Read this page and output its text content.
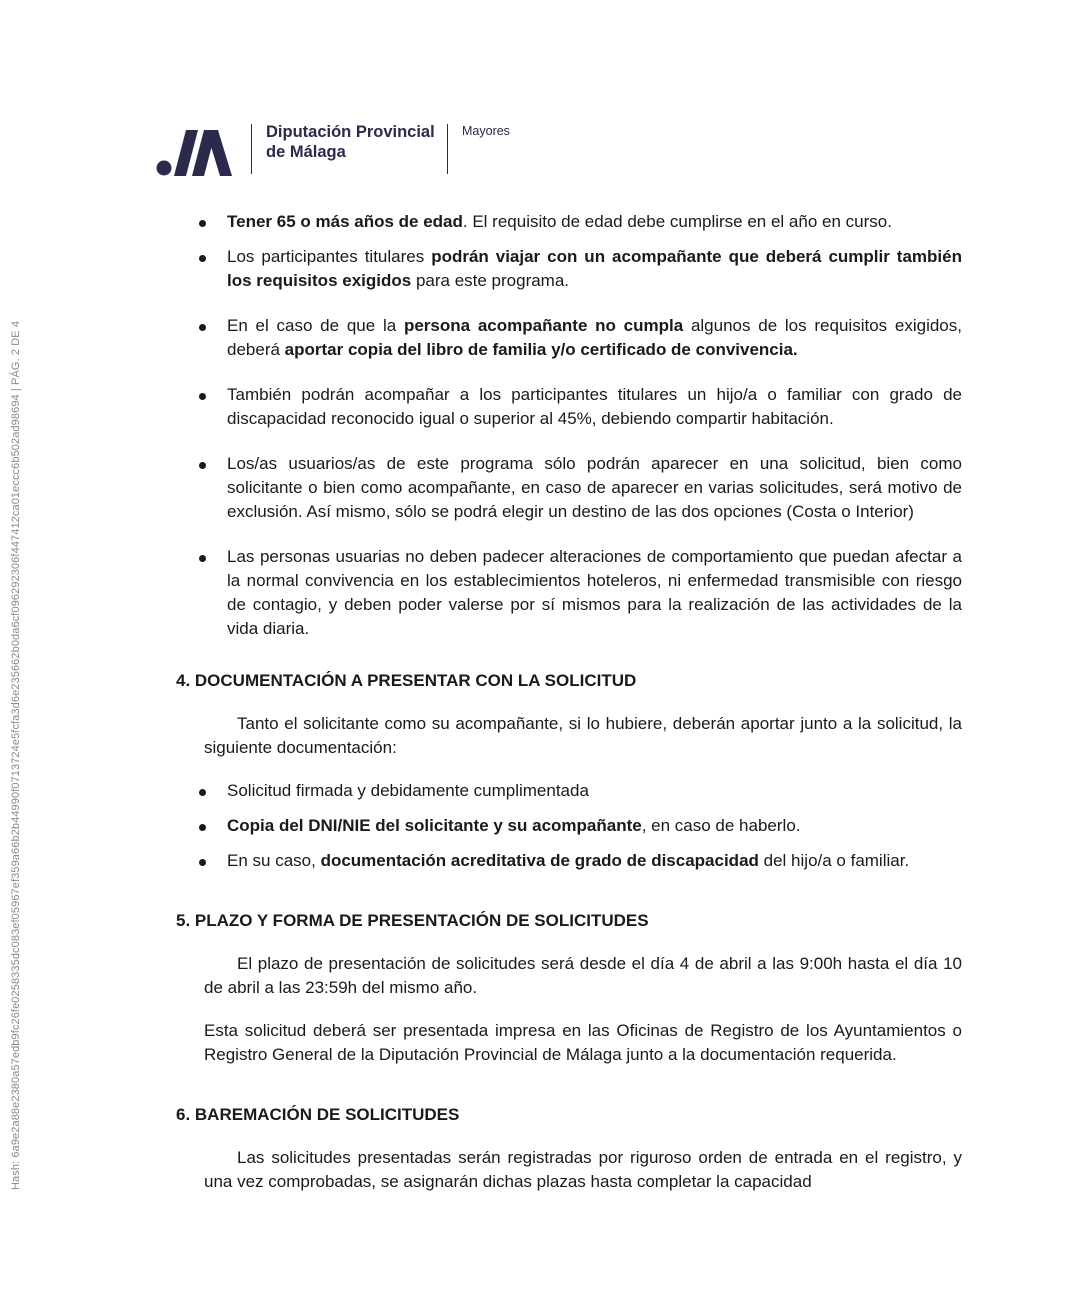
Hash: 6a9e2a88e2380a57edb9fc26fe0258335dc083ef05967ef359a66b2b44990f0713724e5fcfa3d6e235662b0da6cf096292306f447412ca01eccc6b502ad98694 | PÁG. 2 DE 4
Diputación Provincial
de Málaga
Mayores
Tener 65 o más años de edad. El requisito de edad debe cumplirse en el año en curso.
Los participantes titulares podrán viajar con un acompañante que deberá cumplir también los requisitos exigidos para este programa.
En el caso de que la persona acompañante no cumpla algunos de los requisitos exigidos, deberá aportar copia del libro de familia y/o certificado de convivencia.
También podrán acompañar a los participantes titulares un hijo/a o familiar con grado de discapacidad reconocido igual o superior al 45%, debiendo compartir habitación.
Los/as usuarios/as de este programa sólo podrán aparecer en una solicitud, bien como solicitante o bien como acompañante, en caso de aparecer en varias solicitudes, será motivo de exclusión. Así mismo, sólo se podrá elegir un destino de las dos opciones (Costa o Interior)
Las personas usuarias no deben padecer alteraciones de comportamiento que puedan afectar a la normal convivencia en los establecimientos hoteleros, ni enfermedad transmisible con riesgo de contagio, y deben poder valerse por sí mismos para la realización de las actividades de la vida diaria.
4. DOCUMENTACIÓN A PRESENTAR CON LA SOLICITUD

Tanto el solicitante como su acompañante, si lo hubiere, deberán aportar junto a la solicitud, la siguiente documentación:

Solicitud firmada y debidamente cumplimentada
Copia del DNI/NIE del solicitante y su acompañante, en caso de haberlo.
En su caso, documentación acreditativa de grado de discapacidad del hijo/a o familiar.
5. PLAZO Y FORMA DE PRESENTACIÓN DE SOLICITUDES

El plazo de presentación de solicitudes será desde el día 4 de abril a las 9:00h hasta el día 10 de abril a las 23:59h del mismo año.

Esta solicitud deberá ser presentada impresa en las Oficinas de Registro de los Ayuntamientos o Registro General de la Diputación Provincial de Málaga junto a la documentación requerida.

6. BAREMACIÓN DE SOLICITUDES

Las solicitudes presentadas serán registradas por riguroso orden de entrada en el registro, y una vez comprobadas, se asignarán dichas plazas hasta completar la capacidad
